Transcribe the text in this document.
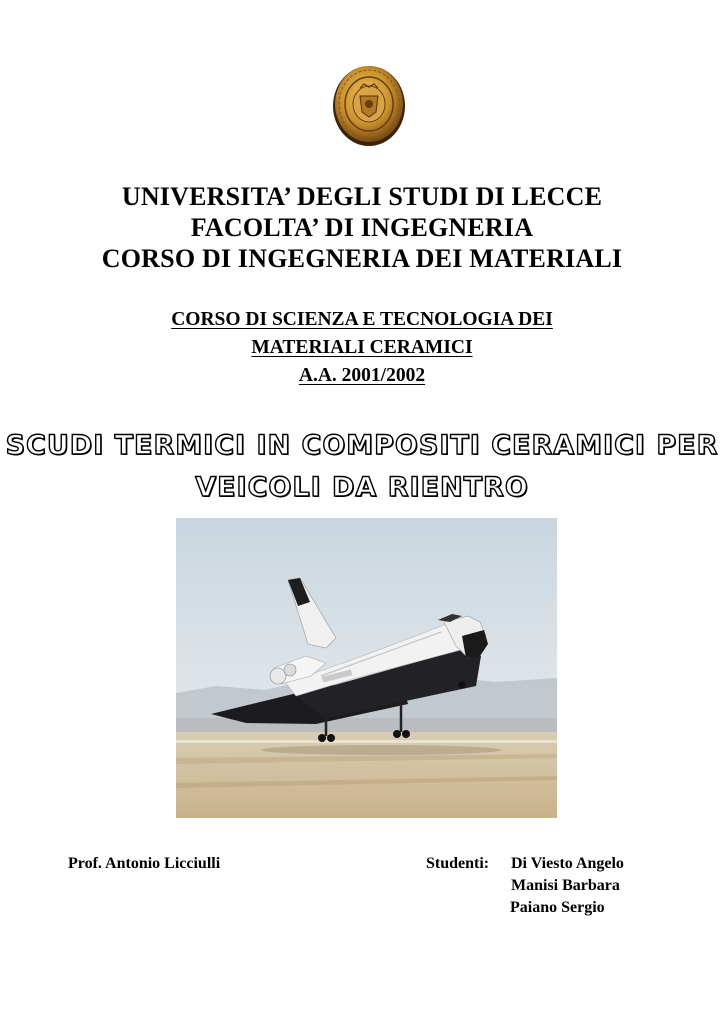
UNIVERSITA’ DEGLI STUDI DI LECCE
FACOLTA’ DI INGEGNERIA
CORSO DI INGEGNERIA DEI MATERIALI
CORSO DI SCIENZA E TECNOLOGIA DEI
MATERIALI CERAMICI
A.A. 2001/2002
SCUDI TERMICI IN COMPOSITI CERAMICI PER
VEICOLI DA RIENTRO
Prof. Antonio Licciulli	Studenti: Di Viesto Angelo
Manisi Barbara
Paiano Sergio
